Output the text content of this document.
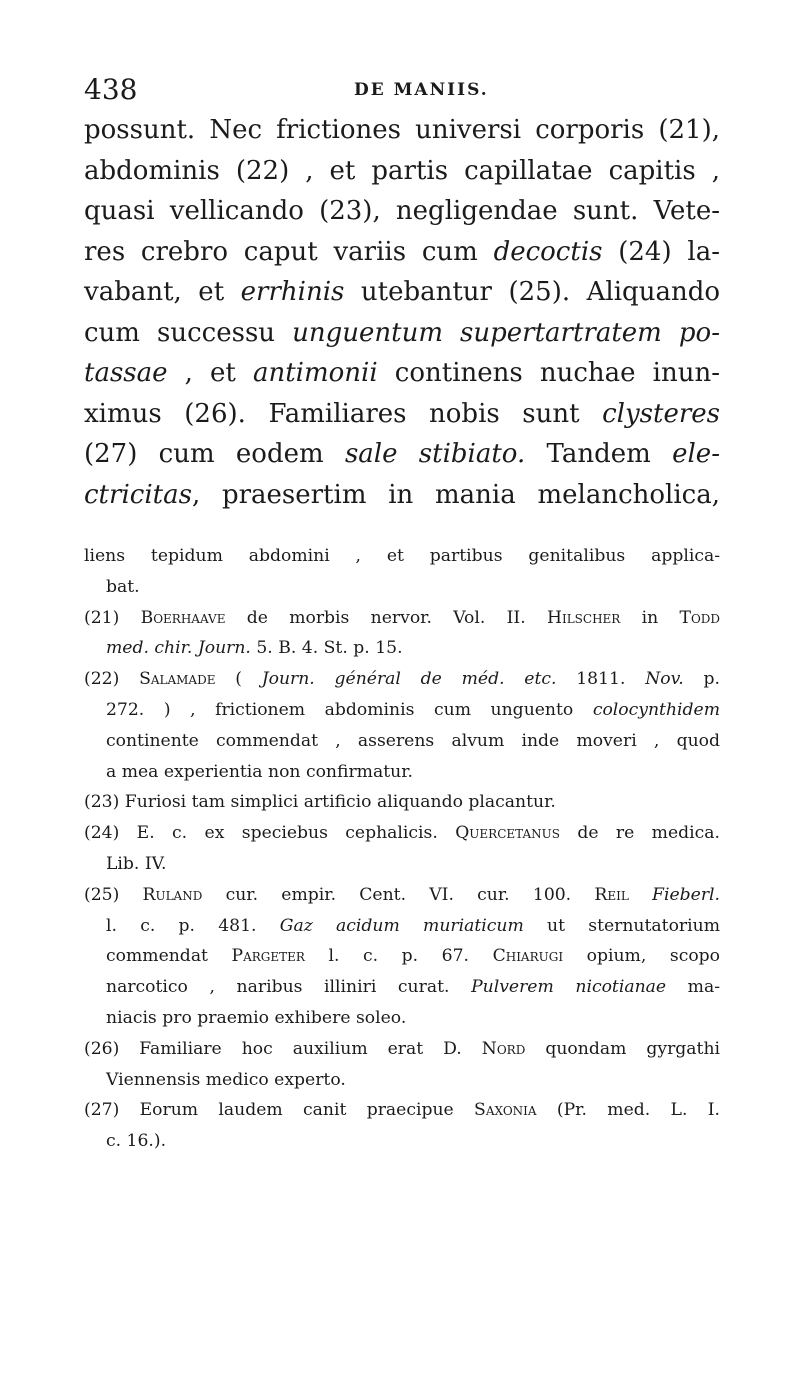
438	DE MANIIS.
possunt. Nec frictiones universi corporis (21),
abdominis (22) , et partis capillatae capitis ,
quasi vellicando (23), negligendae sunt. Vete-
res crebro caput variis cum decoctis (24) la-
vabant, et errhinis utebantur (25). Aliquando
cum successu unguentum supertartratem po-
tassae , et antimonii continens nuchae inun-
ximus (26). Familiares nobis sunt clysteres
(27) cum eodem sale stibiato. Tandem ele-
ctricitas, praesertim in mania melancholica,
liens tepidum abdomini , et partibus genitalibus applica-
bat.
(21) Boerhaave de morbis nervor. Vol. II. Hilscher in Todd
med. chir. Journ. 5. B. 4. St. p. 15.
(22) Salamade ( Journ. général de méd. etc. 1811. Nov. p.
272. ) , frictionem abdominis cum unguento colocynthidem
continente commendat , asserens alvum inde moveri , quod
a mea experientia non confirmatur.
(23) Furiosi tam simplici artificio aliquando placantur.
(24) E. c. ex speciebus cephalicis. Quercetanus de re medica.
Lib. IV.
(25) Ruland cur. empir. Cent. VI. cur. 100. Reil Fieberl.
l. c. p. 481. Gaz acidum muriaticum ut sternutatorium
commendat Pargeter l. c. p. 67. Chiarugi opium, scopo
narcotico , naribus illiniri curat. Pulverem nicotianae ma-
niacis pro praemio exhibere soleo.
(26) Familiare hoc auxilium erat D. Nord quondam gyrgathi
Viennensis medico experto.
(27) Eorum laudem canit praecipue Saxonia (Pr. med. L. I.
c. 16.).
